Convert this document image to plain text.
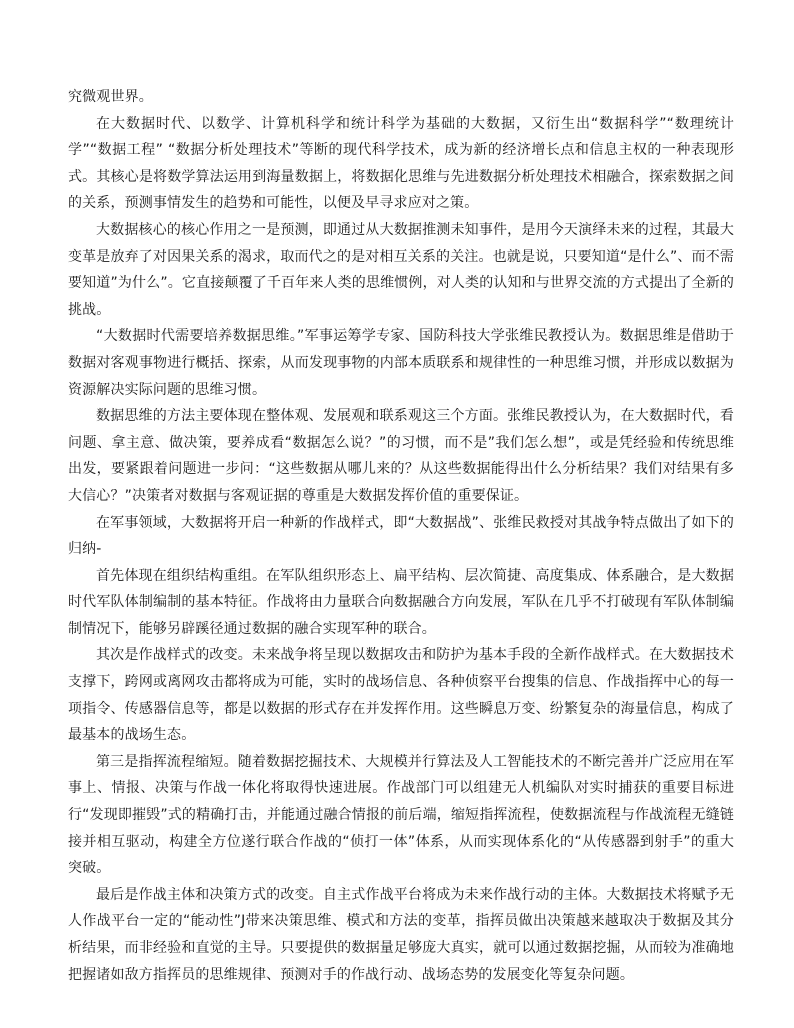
究微观世界。

在大数据时代、以数学、计算机科学和统计科学为基础的大数据，又衍生出“数据科学”“数理统计学”“数据工程” “数据分析处理技术”等断的现代科学技术，成为新的经济增长点和信息主权的一种表现形式。其核心是将数学算法运用到海量数据上，将数据化思维与先进数据分析处理技术相融合，探索数据之间的关系，预测事情发生的趋势和可能性，以便及早寻求应对之策。

大数据核心的核心作用之一是预测，即通过从大数据推测未知事件，是用今天演绎未来的过程，其最大变革是放弃了对因果关系的渴求，取而代之的是对相互关系的关注。也就是说，只要知道“是什么”、而不需要知道”为什么”。它直接颠覆了千百年来人类的思维惯例，对人类的认知和与世界交流的方式提出了全新的挑战。

“大数据时代需要培养数据思维。”军事运筹学专家、国防科技大学张维民教授认为。数据思维是借助于数据对客观事物进行概括、探索，从而发现事物的内部本质联系和规律性的一种思维习惯，并形成以数据为资源解决实际问题的思维习惯。

数据思维的方法主要体现在整体观、发展观和联系观这三个方面。张维民教授认为，在大数据时代，看问题、拿主意、做决策，要养成看“数据怎么说？”的习惯，而不是”我们怎么想”，或是凭经验和传统思维出发，要紧跟着问题进一步问：“这些数据从哪儿来的？从这些数据能得出什么分析结果？我们对结果有多大信心？”决策者对数据与客观证据的尊重是大数据发挥价值的重要保证。

在军事领域，大数据将开启一种新的作战样式，即“大数据战”、张维民救授对其战争特点做出了如下的归纳-

首先体现在组织结构重组。在军队组织形态上、扁平结构、层次简捷、高度集成、体系融合，是大数据时代军队体制编制的基本特征。作战将由力量联合向数据融合方向发展，军队在几乎不打破现有军队体制编制情况下，能够另辟蹊径通过数据的融合实现军种的联合。

其次是作战样式的改变。未来战争将呈现以数据攻击和防护为基本手段的全新作战样式。在大数据技术支撑下，跨网或离网攻击都将成为可能，实时的战场信息、各种侦察平台搜集的信息、作战指挥中心的每一项指令、传感器信息等，都是以数据的形式存在并发挥作用。这些瞬息万变、纷繁复杂的海量信息，构成了最基本的战场生态。

第三是指挥流程缩短。随着数据挖掘技术、大规模并行算法及人工智能技术的不断完善并广泛应用在军事上、情报、决策与作战一体化将取得快速进展。作战部门可以组建无人机编队对实时捕获的重要目标进行“发现即摧毁”式的精确打击，并能通过融合情报的前后端，缩短指挥流程，使数据流程与作战流程无缝链接并相互驱动，构建全方位遂行联合作战的“侦打一体”体系，从而实现体系化的“从传感器到射手”的重大突破。

最后是作战主体和决策方式的改变。自主式作战平台将成为未来作战行动的主体。大数据技术将赋予无人作战平台一定的“能动性”J带来决策思维、模式和方法的变革，指挥员做出决策越来越取决于数据及其分析结果，而非经验和直觉的主导。只要提供的数据量足够庞大真实，就可以通过数据挖掘，从而较为准确地把握诸如敌方指挥员的思维规律、预测对手的作战行动、战场态势的发展变化等复杂问题。
